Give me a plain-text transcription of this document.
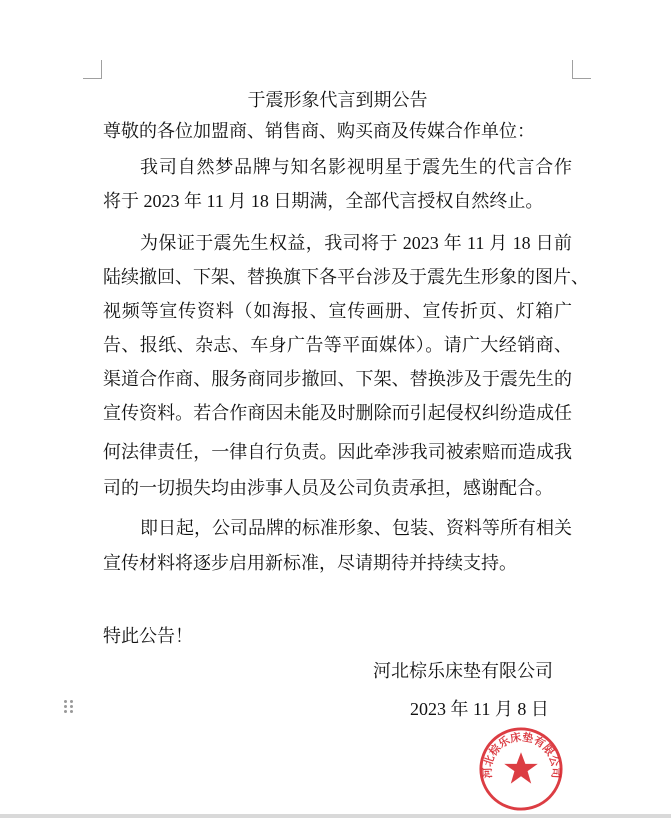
于震形象代言到期公告
尊敬的各位加盟商、销售商、购买商及传媒合作单位：
我司自然梦品牌与知名影视明星于震先生的代言合作
将于 2023 年 11 月 18 日期满，全部代言授权自然终止。
为保证于震先生权益，我司将于 2023 年 11 月 18 日前
陆续撤回、下架、替换旗下各平台涉及于震先生形象的图片、
视频等宣传资料（如海报、宣传画册、宣传折页、灯箱广
告、报纸、杂志、车身广告等平面媒体）。请广大经销商、
渠道合作商、服务商同步撤回、下架、替换涉及于震先生的
宣传资料。若合作商因未能及时删除而引起侵权纠纷造成任
何法律责任，一律自行负责。因此牵涉我司被索赔而造成我
司的一切损失均由涉事人员及公司负责承担，感谢配合。
即日起，公司品牌的标准形象、包装、资料等所有相关
宣传材料将逐步启用新标准，尽请期待并持续支持。
特此公告！
河北棕乐床垫有限公司
2023 年 11 月 8 日
河北棕乐床垫有限公司
